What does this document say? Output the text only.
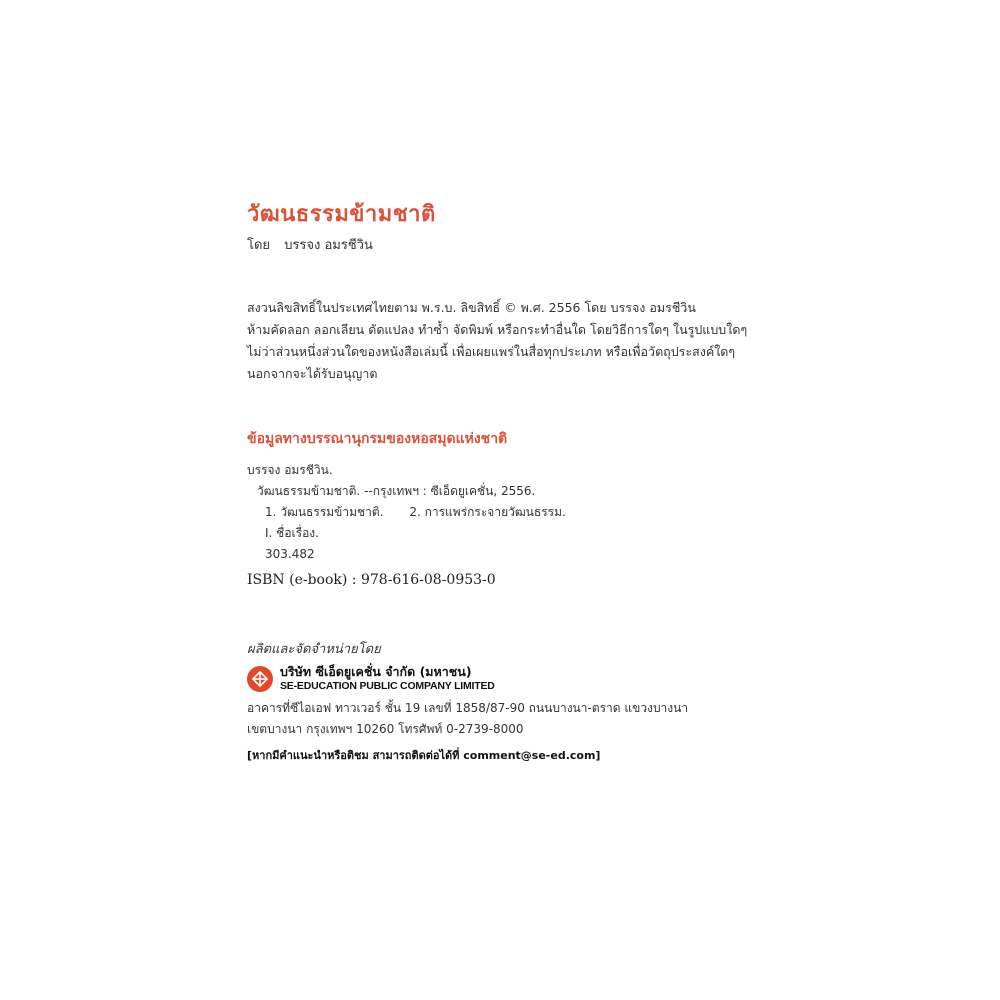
วัฒนธรรมข้ามชาติ
โดย บรรจง อมรชีวิน
สงวนลิขสิทธิ์ในประเทศไทยตาม พ.ร.บ. ลิขสิทธิ์ © พ.ศ. 2556 โดย บรรจง อมรชีวิน
ห้ามคัดลอก ลอกเลียน ดัดแปลง ทำซ้ำ จัดพิมพ์ หรือกระทำอื่นใด โดยวิธีการใดๆ ในรูปแบบใดๆ
ไม่ว่าส่วนหนึ่งส่วนใดของหนังสือเล่มนี้ เพื่อเผยแพร่ในสื่อทุกประเภท หรือเพื่อวัตถุประสงค์ใดๆ
นอกจากจะได้รับอนุญาต
ข้อมูลทางบรรณานุกรมของหอสมุดแห่งชาติ
บรรจง อมรชีวิน.
วัฒนธรรมข้ามชาติ. --กรุงเทพฯ : ซีเอ็ดยูเคชั่น, 2556.
1. วัฒนธรรมข้ามชาติ. 2. การแพร่กระจายวัฒนธรรม.
I. ชื่อเรื่อง.
303.482
ISBN (e-book) : 978-616-08-0953-0
ผลิตและจัดจำหน่ายโดย
บริษัท ซีเอ็ดยูเคชั่น จำกัด (มหาชน)
SE-EDUCATION PUBLIC COMPANY LIMITED
อาคารที่ซีไอเอฟ ทาวเวอร์ ชั้น 19 เลขที่ 1858/87-90 ถนนบางนา-ตราด แขวงบางนา
เขตบางนา กรุงเทพฯ 10260 โทรศัพท์ 0-2739-8000
[หากมีคำแนะนำหรือติชม สามารถติดต่อได้ที่ comment@se-ed.com]
